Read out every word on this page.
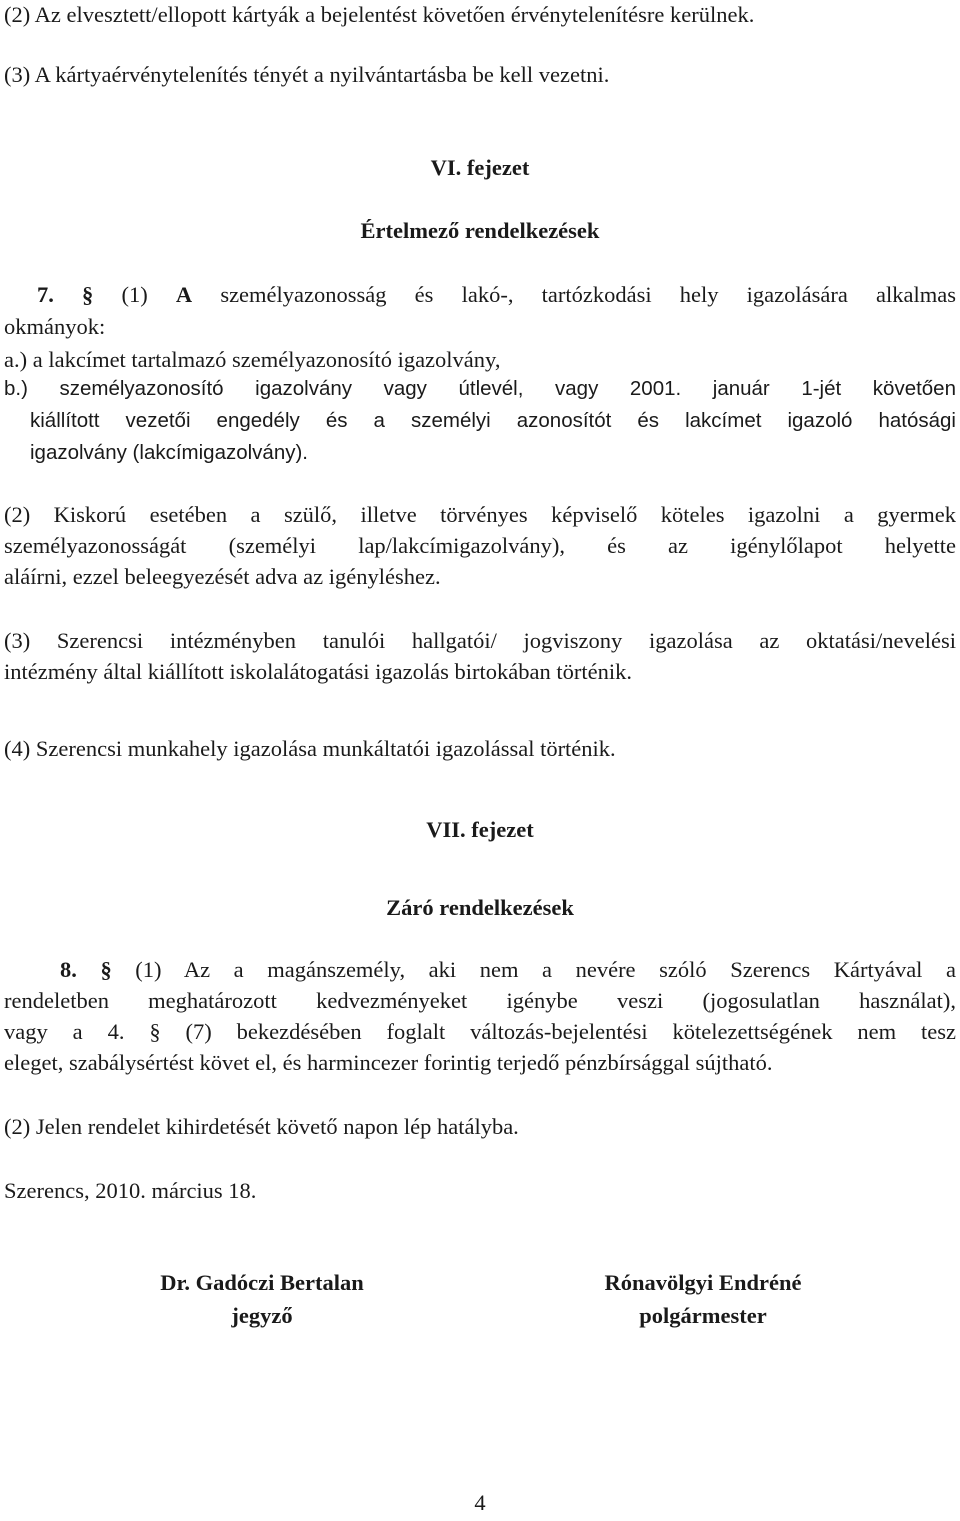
(2) Az elvesztett/ellopott kártyák a bejelentést követően érvénytelenítésre kerülnek.
(3) A kártyaérvénytelenítés tényét a nyilvántartásba be kell vezetni.
VI. fejezet
Értelmező rendelkezések
7. § (1) A személyazonosság és lakó-, tartózkodási hely igazolására alkalmas
okmányok:
a.) a lakcímet tartalmazó személyazonosító igazolvány,
b.) személyazonosító igazolvány vagy útlevél, vagy 2001. január 1-jét követően
kiállított vezetői engedély és a személyi azonosítót és lakcímet igazoló hatósági
igazolvány (lakcímigazolvány).
(2) Kiskorú esetében a szülő, illetve törvényes képviselő köteles igazolni a gyermek
személyazonosságát (személyi lap/lakcímigazolvány), és az igénylőlapot helyette
aláírni, ezzel beleegyezését adva az igényléshez.
(3) Szerencsi intézményben tanulói hallgatói/ jogviszony igazolása az oktatási/nevelési
intézmény által kiállított iskolalátogatási igazolás birtokában történik.
(4) Szerencsi munkahely igazolása munkáltatói igazolással történik.
VII. fejezet
Záró rendelkezések
8. § (1) Az a magánszemély, aki nem a nevére szóló Szerencs Kártyával a
rendeletben meghatározott kedvezményeket igénybe veszi (jogosulatlan használat),
vagy a 4. § (7) bekezdésében foglalt változás-bejelentési kötelezettségének nem tesz
eleget, szabálysértést követ el, és harmincezer forintig terjedő pénzbírsággal sújtható.
(2) Jelen rendelet kihirdetését követő napon lép hatályba.
Szerencs, 2010. március 18.
Dr. Gadóczi Bertalan
jegyző
Rónavölgyi Endréné
polgármester
4
